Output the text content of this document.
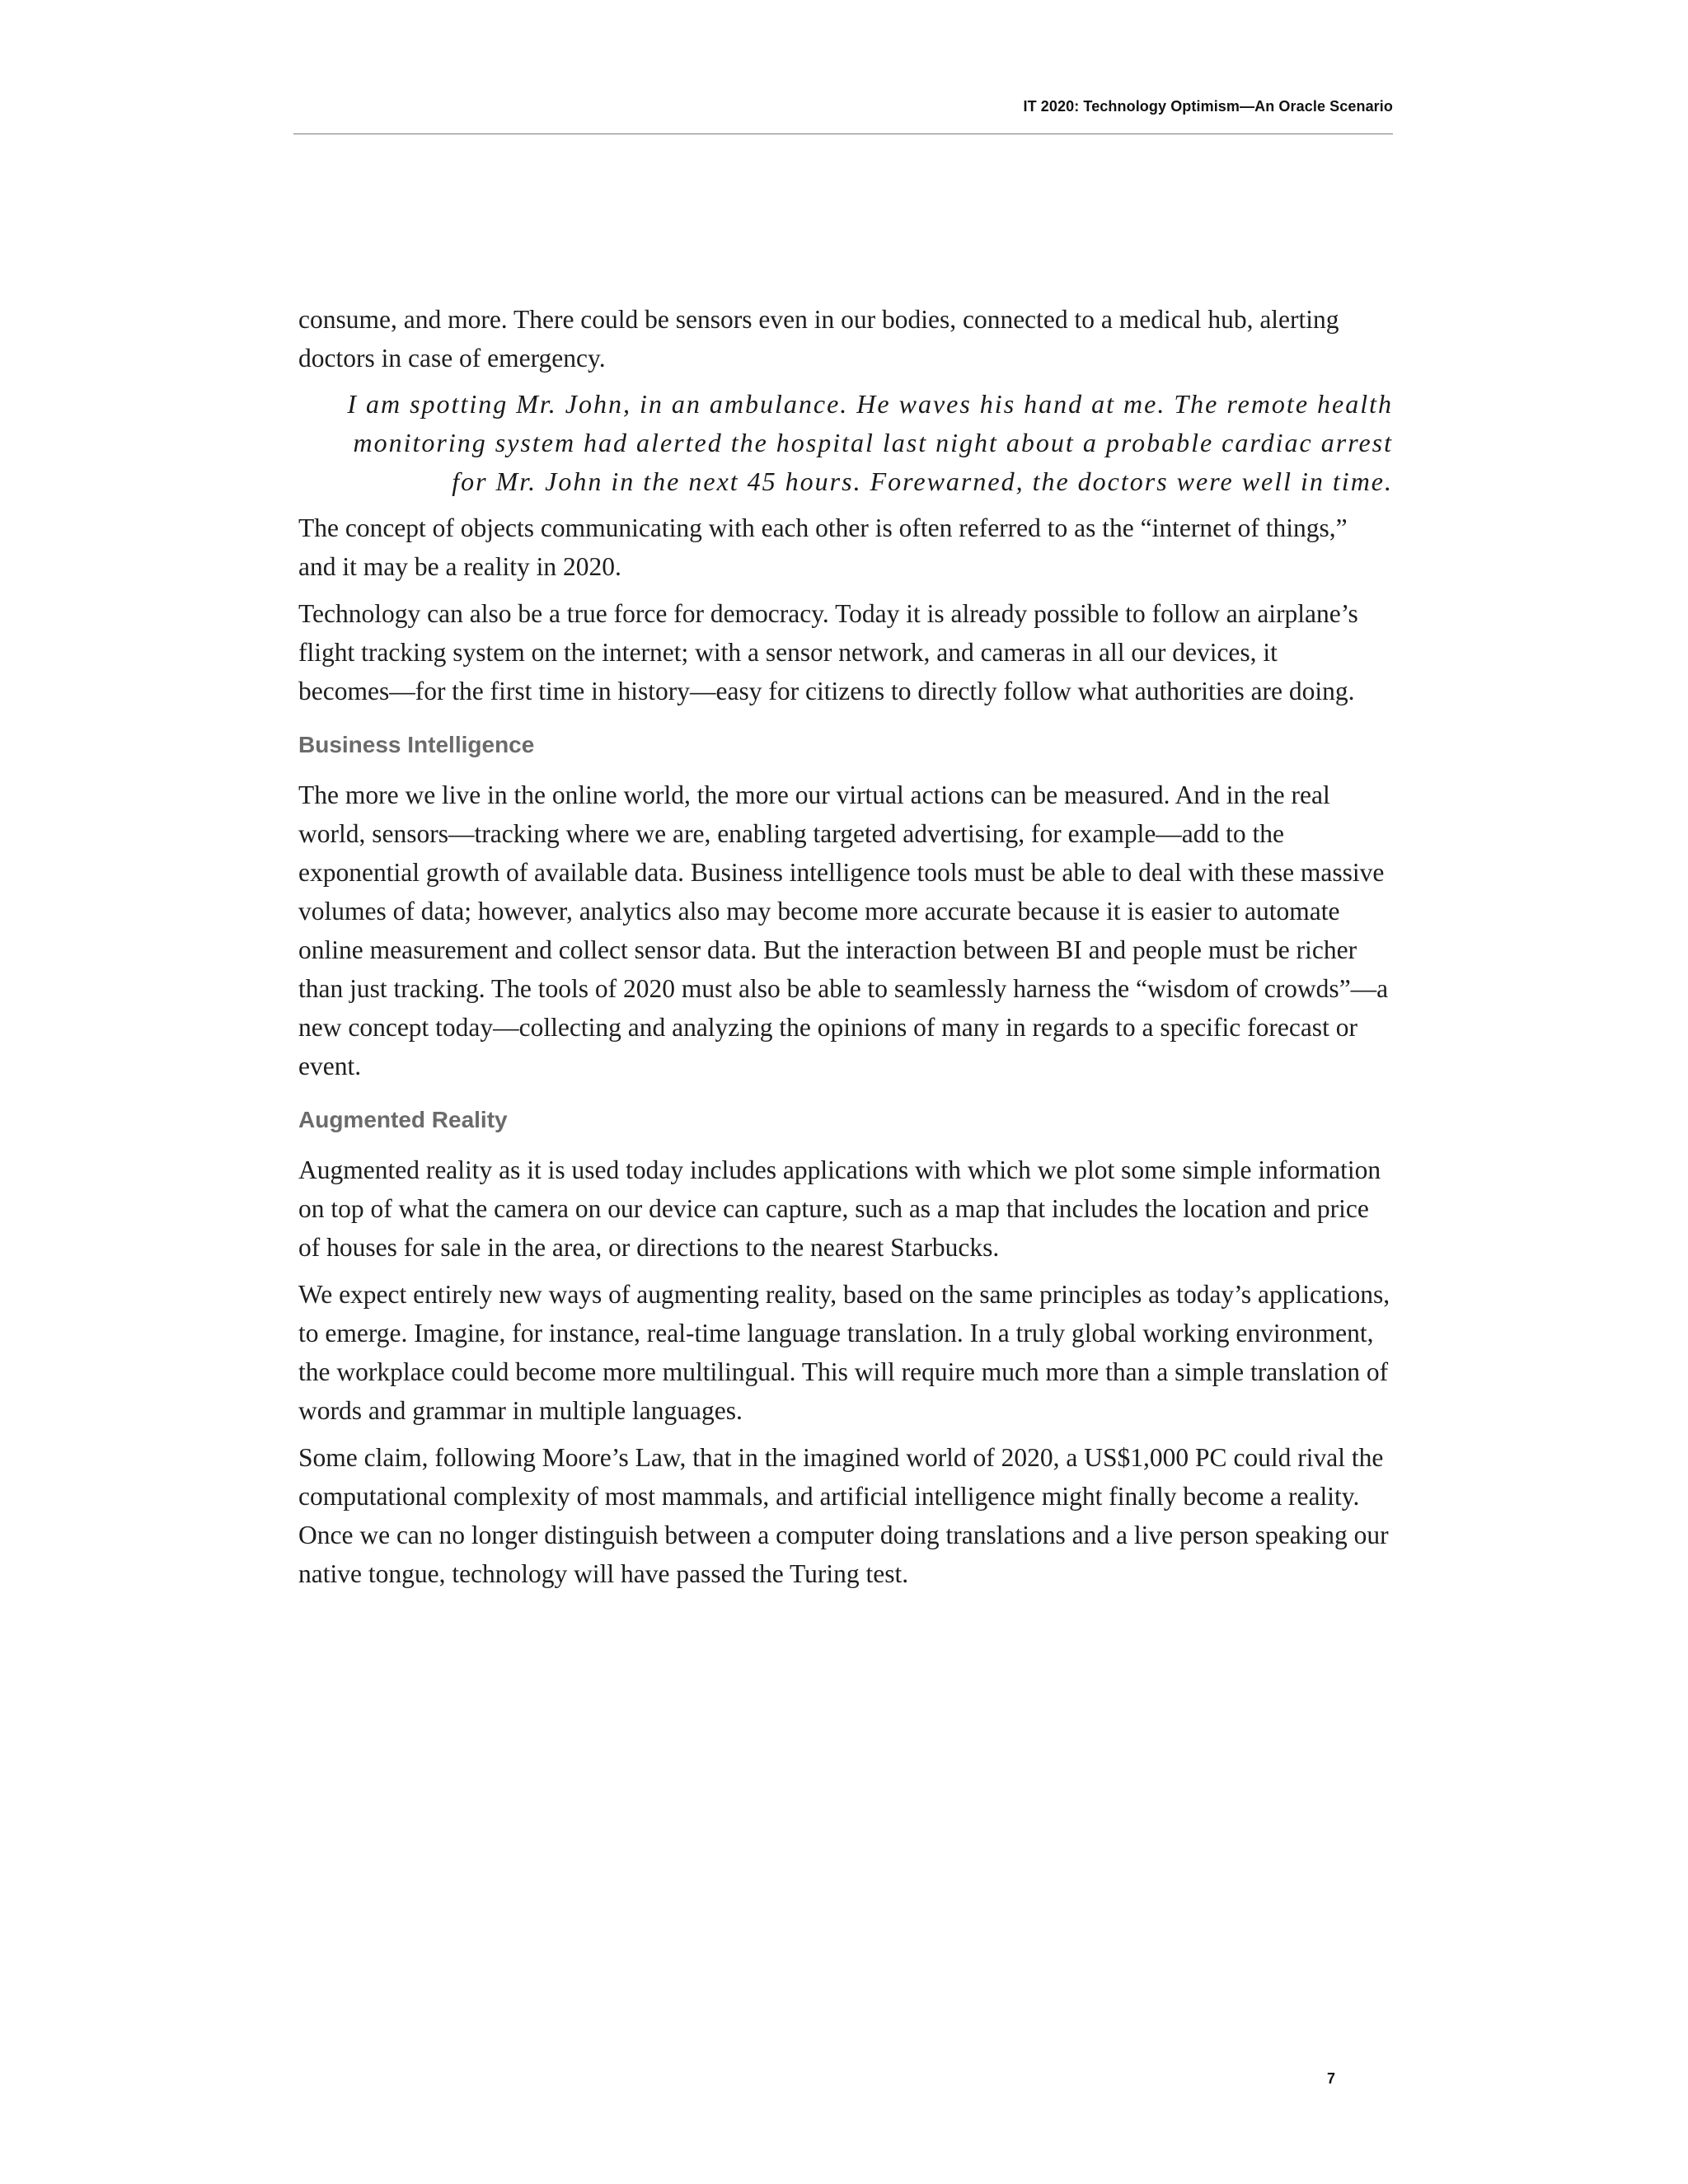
IT 2020: Technology Optimism—An Oracle Scenario

consume, and more. There could be sensors even in our bodies, connected to a medical hub, alerting doctors in case of emergency.

I am spotting Mr. John, in an ambulance. He waves his hand at me. The remote health monitoring system had alerted the hospital last night about a probable cardiac arrest for Mr. John in the next 45 hours. Forewarned, the doctors were well in time.

The concept of objects communicating with each other is often referred to as the “internet of things,” and it may be a reality in 2020.

Technology can also be a true force for democracy. Today it is already possible to follow an airplane’s flight tracking system on the internet; with a sensor network, and cameras in all our devices, it becomes—for the first time in history—easy for citizens to directly follow what authorities are doing.

Business Intelligence

The more we live in the online world, the more our virtual actions can be measured. And in the real world, sensors—tracking where we are, enabling targeted advertising, for example—add to the exponential growth of available data. Business intelligence tools must be able to deal with these massive volumes of data; however, analytics also may become more accurate because it is easier to automate online measurement and collect sensor data. But the interaction between BI and people must be richer than just tracking. The tools of 2020 must also be able to seamlessly harness the “wisdom of crowds”—a new concept today—collecting and analyzing the opinions of many in regards to a specific forecast or event.

Augmented Reality

Augmented reality as it is used today includes applications with which we plot some simple information on top of what the camera on our device can capture, such as a map that includes the location and price of houses for sale in the area, or directions to the nearest Starbucks.

We expect entirely new ways of augmenting reality, based on the same principles as today’s applications, to emerge. Imagine, for instance, real-time language translation. In a truly global working environment, the workplace could become more multilingual. This will require much more than a simple translation of words and grammar in multiple languages.

Some claim, following Moore’s Law, that in the imagined world of 2020, a US$1,000 PC could rival the computational complexity of most mammals, and artificial intelligence might finally become a reality. Once we can no longer distinguish between a computer doing translations and a live person speaking our native tongue, technology will have passed the Turing test.

7
